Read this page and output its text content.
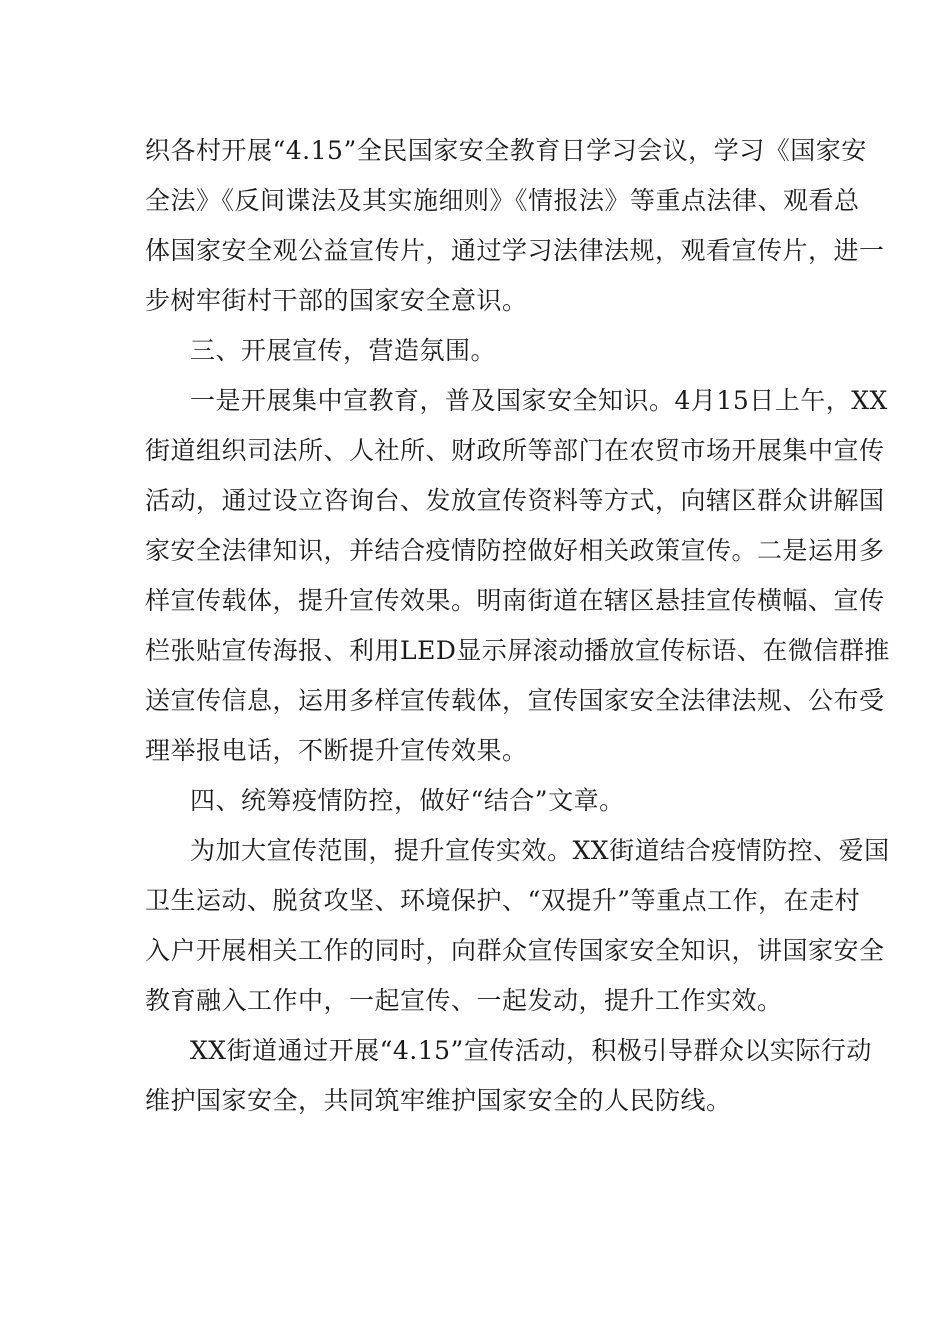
织各村开展“4.15”全民国家安全教育日学习会议，学习《国家安
全法》《反间谍法及其实施细则》《情报法》等重点法律、观看总
体国家安全观公益宣传片，通过学习法律法规，观看宣传片，进一
步树牢街村干部的国家安全意识。
三、开展宣传，营造氛围。
一是开展集中宣教育，普及国家安全知识。4月15日上午，XX
街道组织司法所、人社所、财政所等部门在农贸市场开展集中宣传
活动，通过设立咨询台、发放宣传资料等方式，向辖区群众讲解国
家安全法律知识，并结合疫情防控做好相关政策宣传。二是运用多
样宣传载体，提升宣传效果。明南街道在辖区悬挂宣传横幅、宣传
栏张贴宣传海报、利用LED显示屏滚动播放宣传标语、在微信群推
送宣传信息，运用多样宣传载体，宣传国家安全法律法规、公布受
理举报电话，不断提升宣传效果。
四、统筹疫情防控，做好“结合”文章。
为加大宣传范围，提升宣传实效。XX街道结合疫情防控、爱国
卫生运动、脱贫攻坚、环境保护、“双提升”等重点工作，在走村
入户开展相关工作的同时，向群众宣传国家安全知识，讲国家安全
教育融入工作中，一起宣传、一起发动，提升工作实效。
XX街道通过开展“4.15”宣传活动，积极引导群众以实际行动
维护国家安全，共同筑牢维护国家安全的人民防线。
